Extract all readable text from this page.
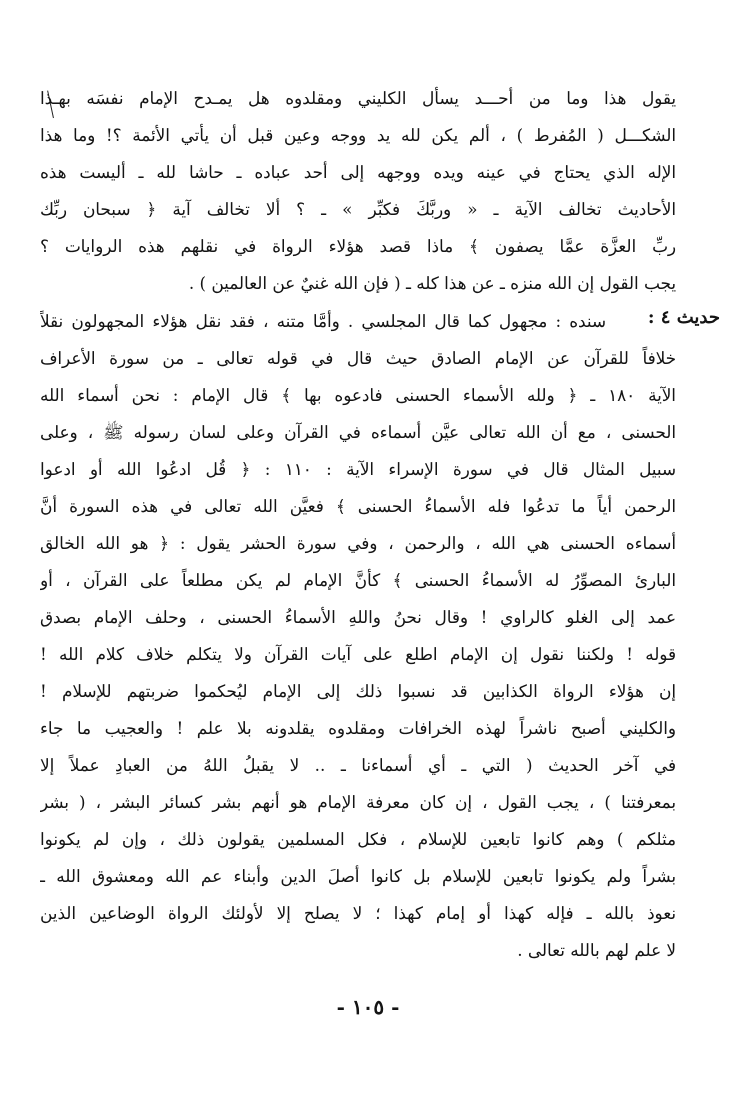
يقول هذا وما من أحـــد يسأل الكليني ومقلدوه هل يمـدح الإمام نفسَه بهـذا
الشكـــل ( المُفرط ) ، ألم يكن لله يد ووجه وعين قبل أن يأتي الأئمة ؟! وما هذا
الإله الذي يحتاج في عينه ويده ووجهه إلى أحد عباده ـ حاشا لله ـ أليست هذه
الأحاديث تخالف الآية ـ « وربَّكَ فكبِّر » ـ ؟ ألا تخالف آية ﴿ سبحان ربِّك
ربِّ العزَّة عمَّا يصفون ﴾ ماذا قصد هؤلاء الرواة في نقلهم هذه الروايات ؟
يجب القول إن الله منزه ـ عن هذا كله ـ ( فإن الله غنيٌ عن العالمين ) .
حديث ٤ :
سنده : مجهول كما قال المجلسي . وأمَّا متنه ، فقد نقل هؤلاء المجهولون نقلاً
خلافاً للقرآن عن الإمام الصادق حيث قال في قوله تعالى ـ من سورة الأعراف
الآية ١٨٠ ـ ﴿ ولله الأسماء الحسنى فادعوه بها ﴾ قال الإمام : نحن أسماء الله
الحسنى ، مع أن الله تعالى عيَّن أسماءه في القرآن وعلى لسان رسوله ﷺ ، وعلى
سبيل المثال قال في سورة الإسراء الآية : ١١٠ : ﴿ قُل ادعُوا الله أو ادعوا
الرحمن أياً ما تدعُوا فله الأسماءُ الحسنى ﴾ فعيَّن الله تعالى في هذه السورة أنَّ
أسماءه الحسنى هي الله ، والرحمن ، وفي سورة الحشر يقول : ﴿ هو الله الخالق
البارئ المصوِّرُ له الأسماءُ الحسنى ﴾ كأنَّ الإمام لم يكن مطلعاً على القرآن ، أو
عمد إلى الغلو كالراوي ! وقال نحنُ واللهِ الأسماءُ الحسنى ، وحلف الإمام بصدق
قوله ! ولكننا نقول إن الإمام اطلع على آيات القرآن ولا يتكلم خلاف كلام الله !
إن هؤلاء الرواة الكذابين قد نسبوا ذلك إلى الإمام ليُحكموا ضربتهم للإسلام !
والكليني أصبح ناشراً لهذه الخرافات ومقلدوه يقلدونه بلا علم ! والعجيب ما جاء
في آخر الحديث ( التي ـ أي أسماءنا ـ .. لا يقبلُ اللهُ من العبادِ عملاً إلا
بمعرفتنا ) ، يجب القول ، إن كان معرفة الإمام هو أنهم بشر كسائر البشر ، ( بشر
مثلكم ) وهم كانوا تابعين للإسلام ، فكل المسلمين يقولون ذلك ، وإن لم يكونوا
بشراً ولم يكونوا تابعين للإسلام بل كانوا أصلَ الدين وأبناء عم الله ومعشوق الله ـ
نعوذ بالله ـ فإله كهذا أو إمام كهذا ؛ لا يصلح إلا لأولئك الرواة الوضاعين الذين
لا علم لهم بالله تعالى .
- ١٠٥ -
